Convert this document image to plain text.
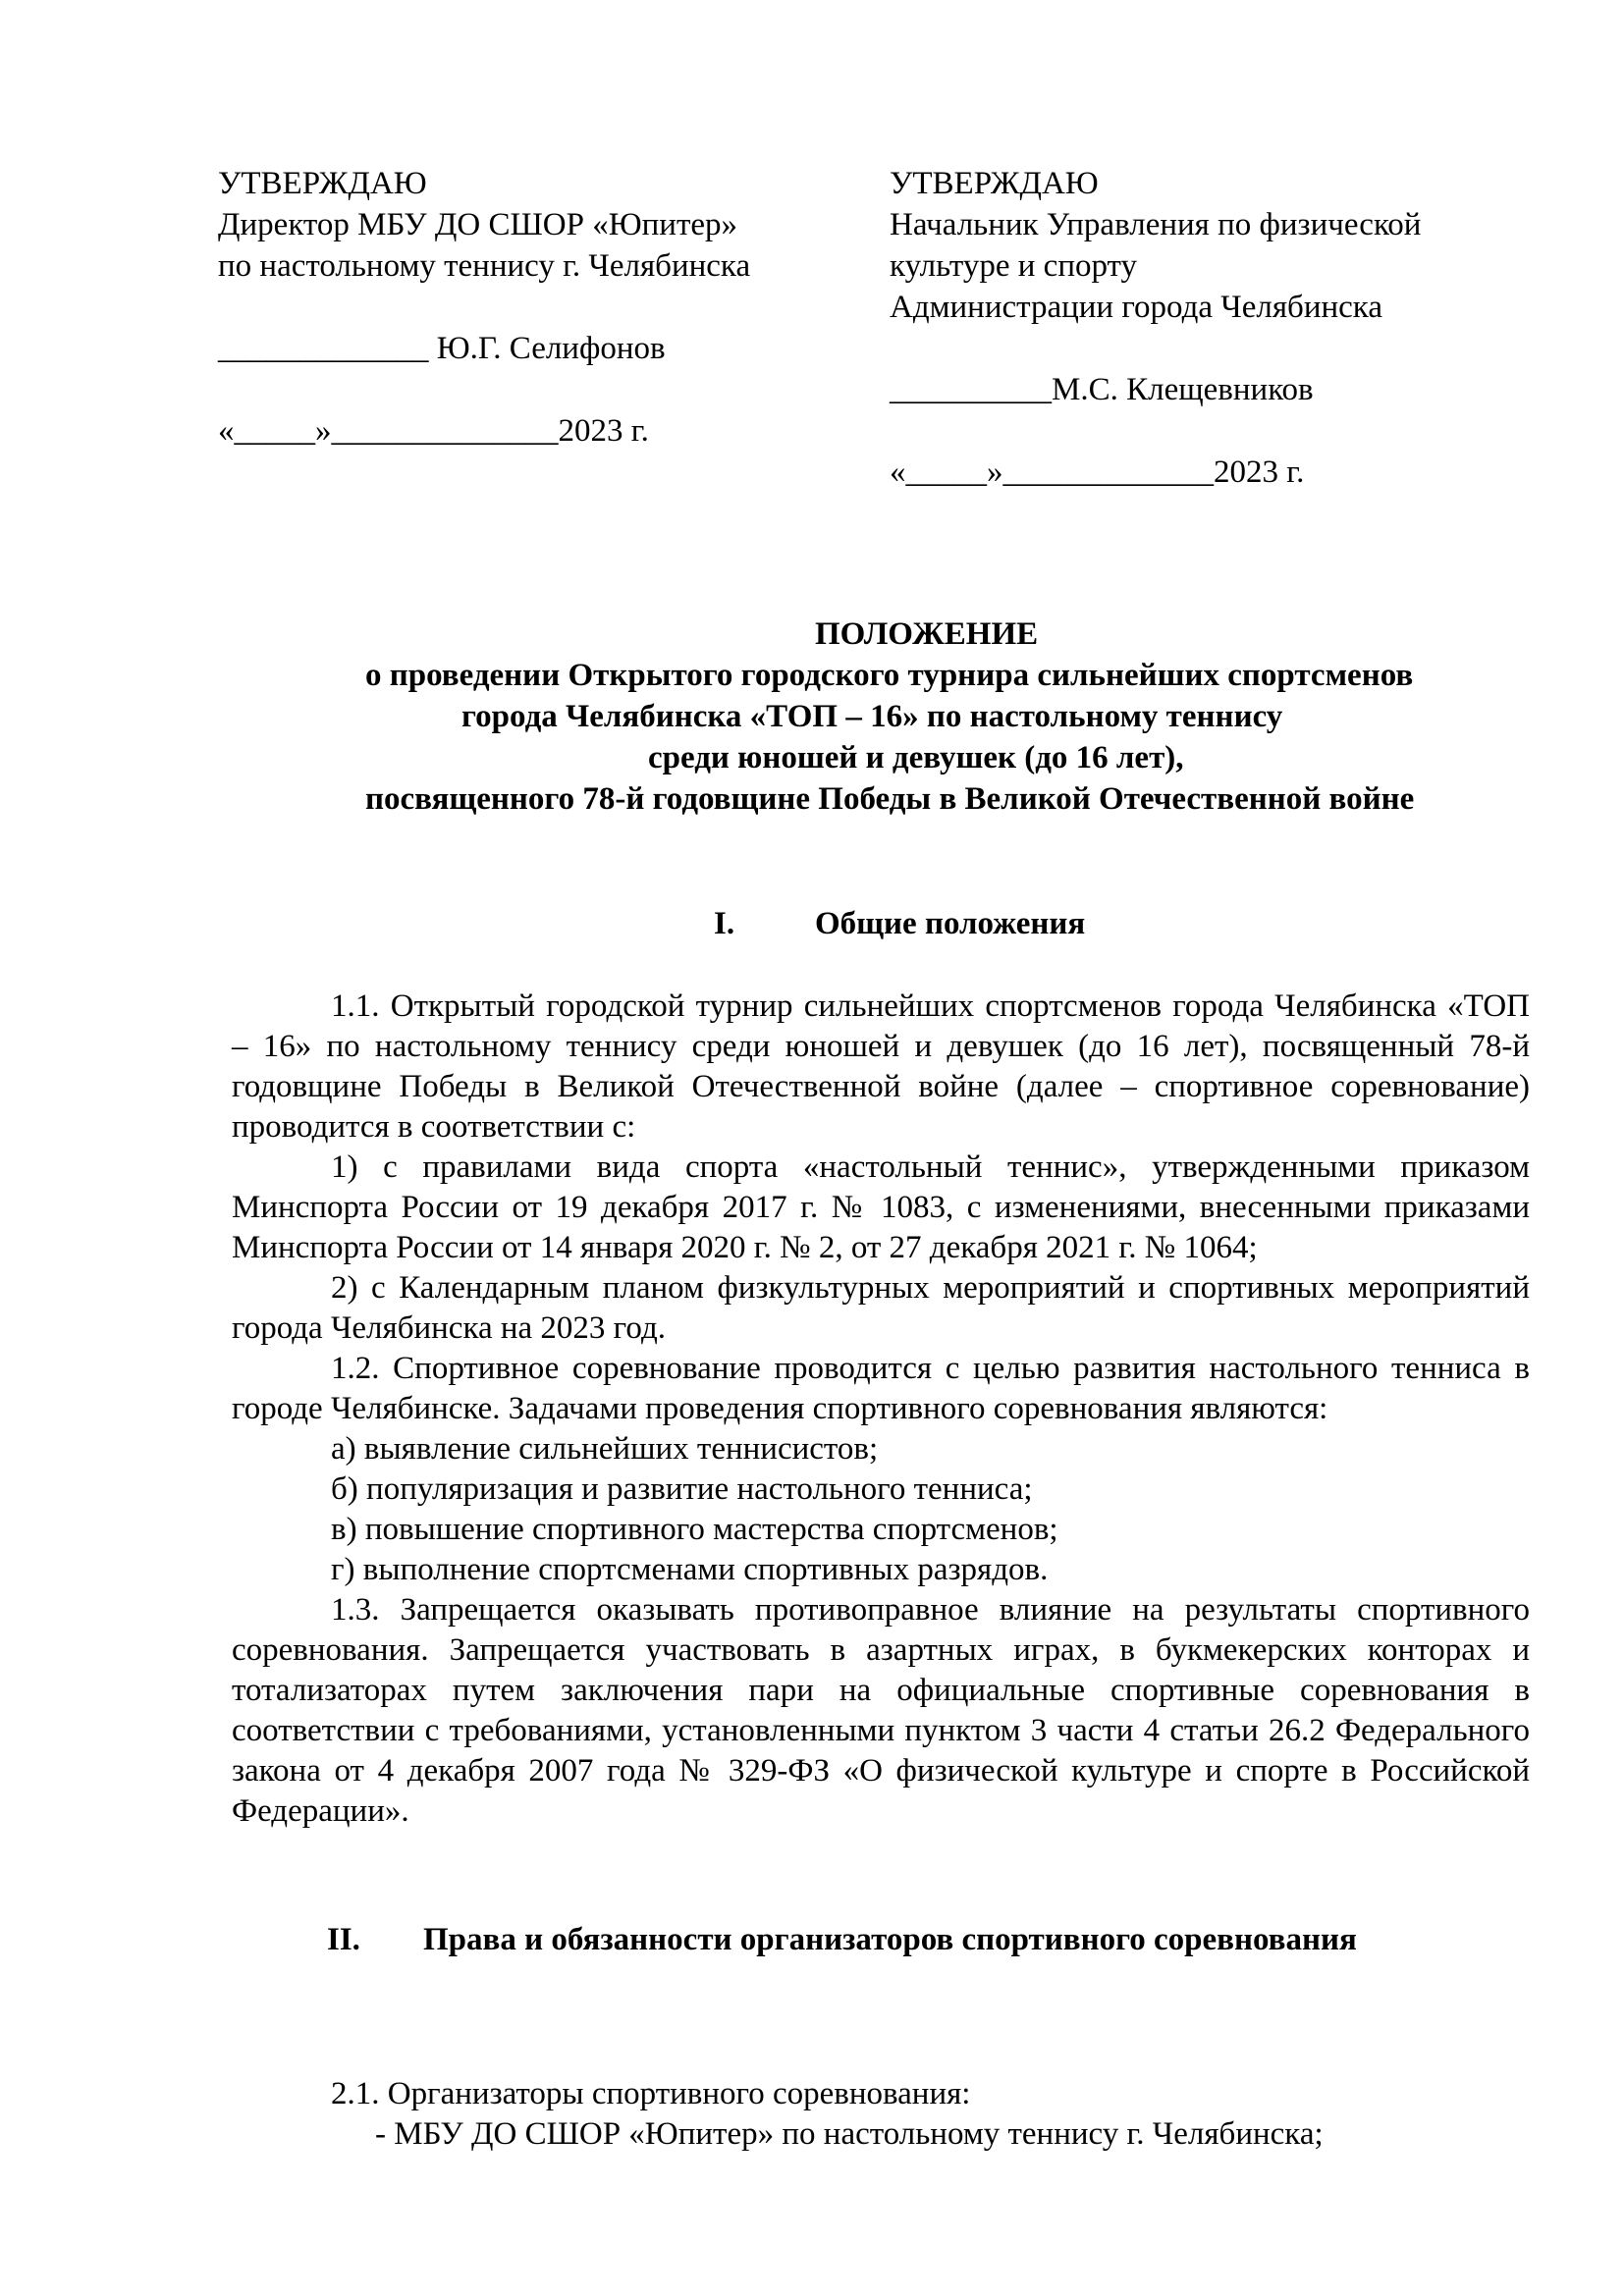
УТВЕРЖДАЮ
Директор МБУ ДО СШОР «Юпитер»
по настольному теннису г. Челябинска
_____________ Ю.Г. Селифонов
«_____»______________2023 г.
УТВЕРЖДАЮ
Начальник Управления по физической
культуре и спорту
Администрации города Челябинска
__________М.С. Клещевников
«_____»_____________2023 г.
ПОЛОЖЕНИЕ
о проведении Открытого городского турнира сильнейших спортсменов
города Челябинска «ТОП – 16» по настольному теннису
среди юношей и девушек (до 16 лет),
посвященного 78-й годовщине Победы в Великой Отечественной войне
I. Общие положения

1.1. Открытый городской турнир сильнейших спортсменов города Челябинска «ТОП – 16» по настольному теннису среди юношей и девушек (до 16 лет), посвященный 78-й годовщине Победы в Великой Отечественной войне (далее – спортивное соревнование) проводится в соответствии с:

1) с правилами вида спорта «настольный теннис», утвержденными приказом Минспорта России от 19 декабря 2017 г. № 1083, с изменениями, внесенными приказами Минспорта России от 14 января 2020 г. № 2, от 27 декабря 2021 г. № 1064;

2) с Календарным планом физкультурных мероприятий и спортивных мероприятий города Челябинска на 2023 год.

1.2. Спортивное соревнование проводится с целью развития настольного тенниса в городе Челябинске. Задачами проведения спортивного соревнования являются:

а) выявление сильнейших теннисистов;

б) популяризация и развитие настольного тенниса;

в) повышение спортивного мастерства спортсменов;

г) выполнение спортсменами спортивных разрядов.

1.3. Запрещается оказывать противоправное влияние на результаты спортивного соревнования. Запрещается участвовать в азартных играх, в букмекерских конторах и тотализаторах путем заключения пари на официальные спортивные соревнования в соответствии с требованиями, установленными пунктом 3 части 4 статьи 26.2 Федерального закона от 4 декабря 2007 года № 329-ФЗ «О физической культуре и спорте в Российской Федерации».

II. Права и обязанности организаторов спортивного соревнования

2.1. Организаторы спортивного соревнования:

- МБУ ДО СШОР «Юпитер» по настольному теннису г. Челябинска;
